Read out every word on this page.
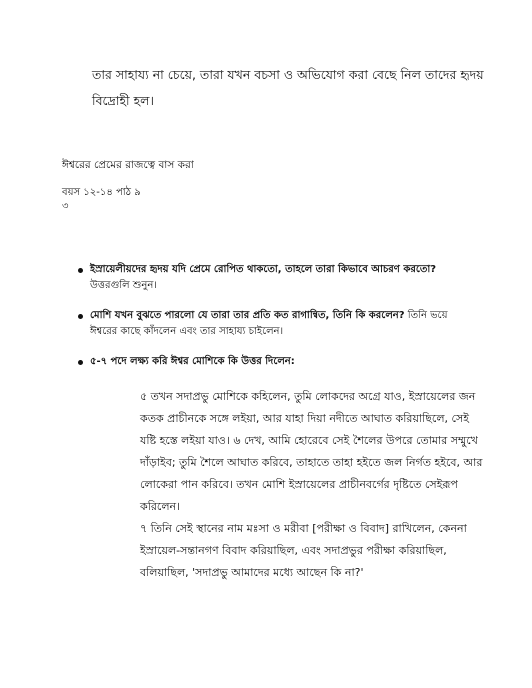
তার সাহায্য না চেয়ে, তারা যখন বচসা ও অভিযোগ করা বেছে নিল তাদের হৃদয়
বিদ্রোহী হল।

ঈশ্বরের প্রেমের রাজত্বে বাস করা

বয়স ১২-১৪ পাঠ ৯
৩
ইস্রায়েলীয়দের হৃদয় যদি প্রেমে রোপিত থাকতো, তাহলে তারা কিভাবে আচরণ করতো? উত্তরগুলি শুনুন।
মোশি যখন বুঝতে পারলো যে তারা তার প্রতি কত রাগান্বিত, তিনি কি করলেন? তিনি ভয়ে ঈশ্বরের কাছে কাঁদলেন এবং তার সাহায্য চাইলেন।
৫-৭ পদে লক্ষ্য করি ঈশ্বর মোশিকে কি উত্তর দিলেন:

৫ তখন সদাপ্রভু মোশিকে কহিলেন, তুমি লোকদের অগ্রে যাও, ইস্রায়েলের জন কতক প্রাচীনকে সঙ্গে লইয়া, আর যাহা দিয়া নদীতে আঘাত করিয়াছিলে, সেই যষ্টি হস্তে লইয়া যাও। ৬ দেখ, আমি হোরেবে সেই শৈলের উপরে তোমার সম্মুখে দাঁড়াইব; তুমি শৈলে আঘাত করিবে, তাহাতে তাহা হইতে জল নির্গত হইবে, আর লোকেরা পান করিবে। তখন মোশি ইস্রায়েলের প্রাচীনবর্গের দৃষ্টিতে সেইরূপ করিলেন।

৭ তিনি সেই স্থানের নাম মঃসা ও মরীবা [পরীক্ষা ও বিবাদ] রাখিলেন, কেননা ইস্রায়েল-সন্তানগণ বিবাদ করিয়াছিল, এবং সদাপ্রভুর পরীক্ষা করিয়াছিল, বলিয়াছিল, 'সদাপ্রভু আমাদের মধ্যে আছেন কি না?'
